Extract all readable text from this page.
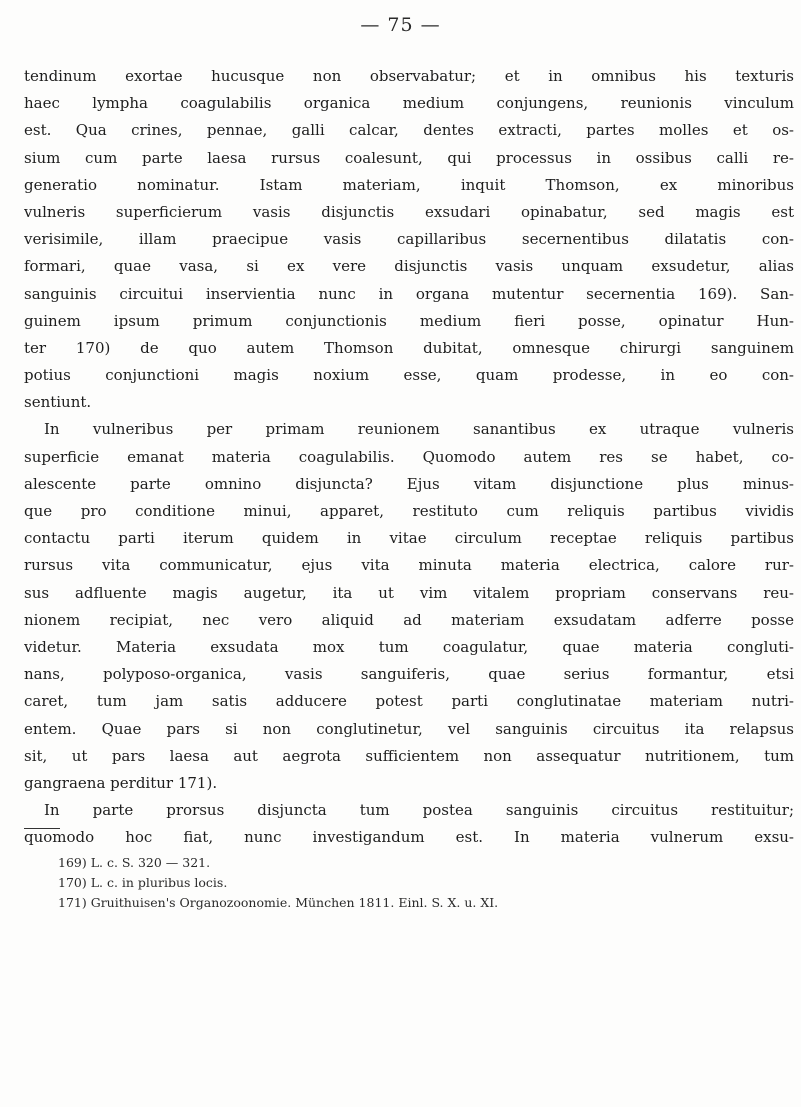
— 75 —
tendinum exortae hucusque non observabatur; et in omnibus his texturis
haec lympha coagulabilis organica medium conjungens, reunionis vinculum
est. Qua crines, pennae, galli calcar, dentes extracti, partes molles et os-
sium cum parte laesa rursus coalesunt, qui processus in ossibus calli re-
generatio nominatur. Istam materiam, inquit Thomson, ex minoribus
vulneris superficierum vasis disjunctis exsudari opinabatur, sed magis est
verisimile, illam praecipue vasis capillaribus secernentibus dilatatis con-
formari, quae vasa, si ex vere disjunctis vasis unquam exsudetur, alias
sanguinis circuitui inservientia nunc in organa mutentur secernentia 169). San-
guinem ipsum primum conjunctionis medium fieri posse, opinatur Hun-
ter 170) de quo autem Thomson dubitat, omnesque chirurgi sanguinem
potius conjunctioni magis noxium esse, quam prodesse, in eo con-
sentiunt.
In vulneribus per primam reunionem sanantibus ex utraque vulneris
superficie emanat materia coagulabilis. Quomodo autem res se habet, co-
alescente parte omnino disjuncta? Ejus vitam disjunctione plus minus-
que pro conditione minui, apparet, restituto cum reliquis partibus vividis
contactu parti iterum quidem in vitae circulum receptae reliquis partibus
rursus vita communicatur, ejus vita minuta materia electrica, calore rur-
sus adfluente magis augetur, ita ut vim vitalem propriam conservans reu-
nionem recipiat, nec vero aliquid ad materiam exsudatam adferre posse
videtur. Materia exsudata mox tum coagulatur, quae materia congluti-
nans, polyposo-organica, vasis sanguiferis, quae serius formantur, etsi
caret, tum jam satis adducere potest parti conglutinatae materiam nutri-
entem. Quae pars si non conglutinetur, vel sanguinis circuitus ita relapsus
sit, ut pars laesa aut aegrota sufficientem non assequatur nutritionem, tum
gangraena perditur 171).
In parte prorsus disjuncta tum postea sanguinis circuitus restituitur;
quomodo hoc fiat, nunc investigandum est. In materia vulnerum exsu-
169) L. c. S. 320 — 321.
170) L. c. in pluribus locis.
171) Gruithuisen's Organozoonomie. München 1811. Einl. S. X. u. XI.
